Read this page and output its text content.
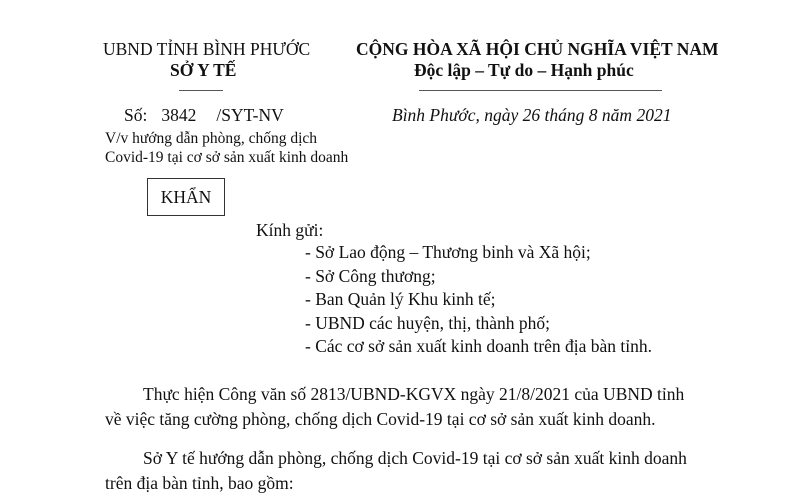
UBND TỈNH BÌNH PHƯỚC
SỞ Y TẾ
CỘNG HÒA XÃ HỘI CHỦ NGHĨA VIỆT NAM
Độc lập – Tự do – Hạnh phúc
Số: 3842 /SYT-NV
V/v hướng dẫn phòng, chống dịch
Covid-19 tại cơ sở sản xuất kinh doanh
Bình Phước, ngày 26 tháng 8 năm 2021
KHẨN
Kính gửi:
- Sở Lao động – Thương binh và Xã hội;
- Sở Công thương;
- Ban Quản lý Khu kinh tế;
- UBND các huyện, thị, thành phố;
- Các cơ sở sản xuất kinh doanh trên địa bàn tỉnh.
Thực hiện Công văn số 2813/UBND-KGVX ngày 21/8/2021 của UBND tỉnh
về việc tăng cường phòng, chống dịch Covid-19 tại cơ sở sản xuất kinh doanh.
Sở Y tế hướng dẫn phòng, chống dịch Covid-19 tại cơ sở sản xuất kinh doanh
trên địa bàn tỉnh, bao gồm:
